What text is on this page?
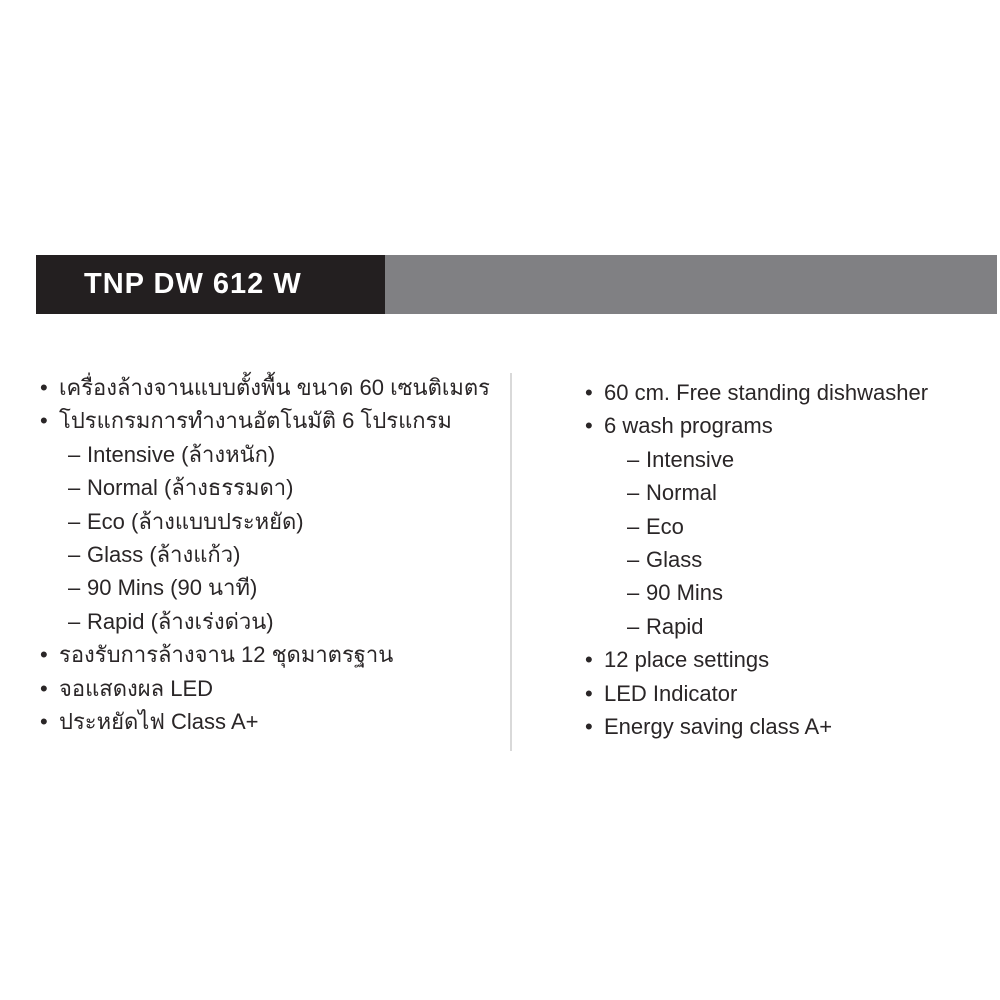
TNP DW 612 W
• เครื่องล้างจานแบบตั้งพื้น ขนาด 60 เซนติเมตร
• โปรแกรมการทำงานอัตโนมัติ 6 โปรแกรม
– Intensive (ล้างหนัก)
– Normal (ล้างธรรมดา)
– Eco (ล้างแบบประหยัด)
– Glass (ล้างแก้ว)
– 90 Mins (90 นาที)
– Rapid (ล้างเร่งด่วน)
• รองรับการล้างจาน 12 ชุดมาตรฐาน
• จอแสดงผล LED
• ประหยัดไฟ Class A+
• 60 cm. Free standing dishwasher
• 6 wash programs
– Intensive
– Normal
– Eco
– Glass
– 90 Mins
– Rapid
• 12 place settings
• LED Indicator
• Energy saving class A+
